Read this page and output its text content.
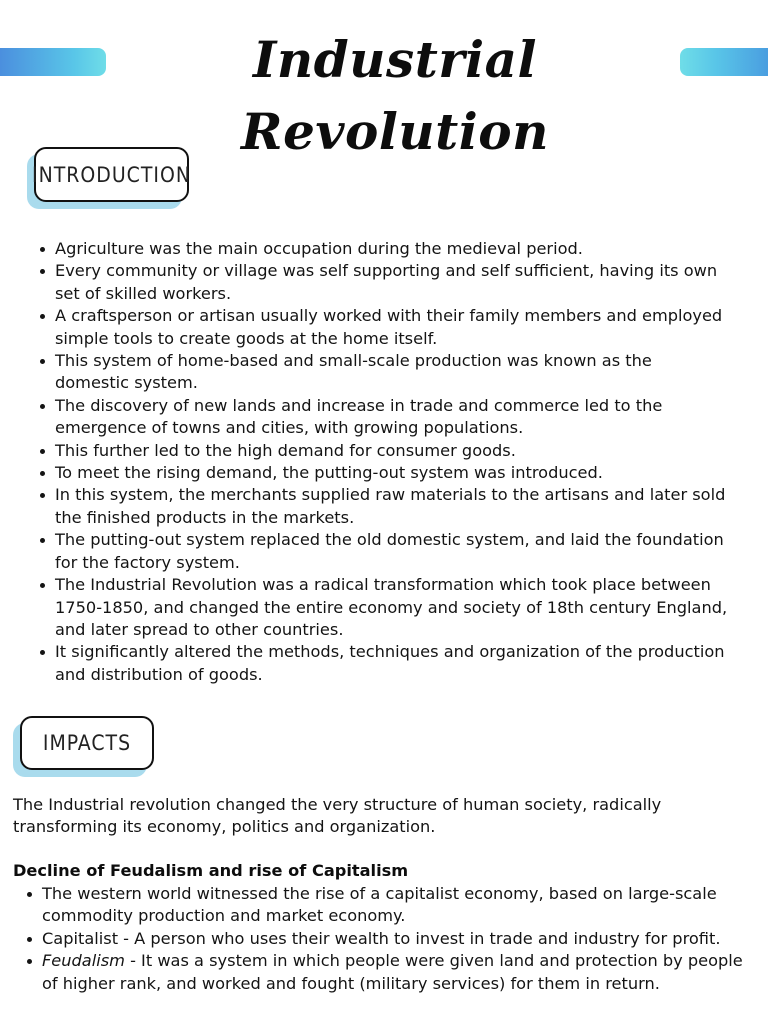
Industrial Revolution
INTRODUCTION
Agriculture was the main occupation during the medieval period.
Every community or village was self supporting and self sufficient, having its own set of skilled workers.
A craftsperson or artisan usually worked with their family members and employed simple tools to create goods at the home itself.
This system of home-based and small-scale production was known as the domestic system.
The discovery of new lands and increase in trade and commerce led to the emergence of towns and cities, with growing populations.
This further led to the high demand for consumer goods.
To meet the rising demand, the putting-out system was introduced.
In this system, the merchants supplied raw materials to the artisans and later sold the finished products in the markets.
The putting-out system replaced the old domestic system, and laid the foundation for the factory system.
The Industrial Revolution was a radical transformation which took place between 1750-1850, and changed the entire economy and society of 18th century England, and later spread to other countries.
It significantly altered the methods, techniques and organization of the production and distribution of goods.
IMPACTS

The Industrial revolution changed the very structure of human society, radically transforming its economy, politics and organization.

Decline of Feudalism and rise of Capitalism

The western world witnessed the rise of a capitalist economy, based on large-scale commodity production and market economy.
Capitalist - A person who uses their wealth to invest in trade and industry for profit.
Feudalism - It was a system in which people were given land and protection by people of higher rank, and worked and fought (military services) for them in return.
